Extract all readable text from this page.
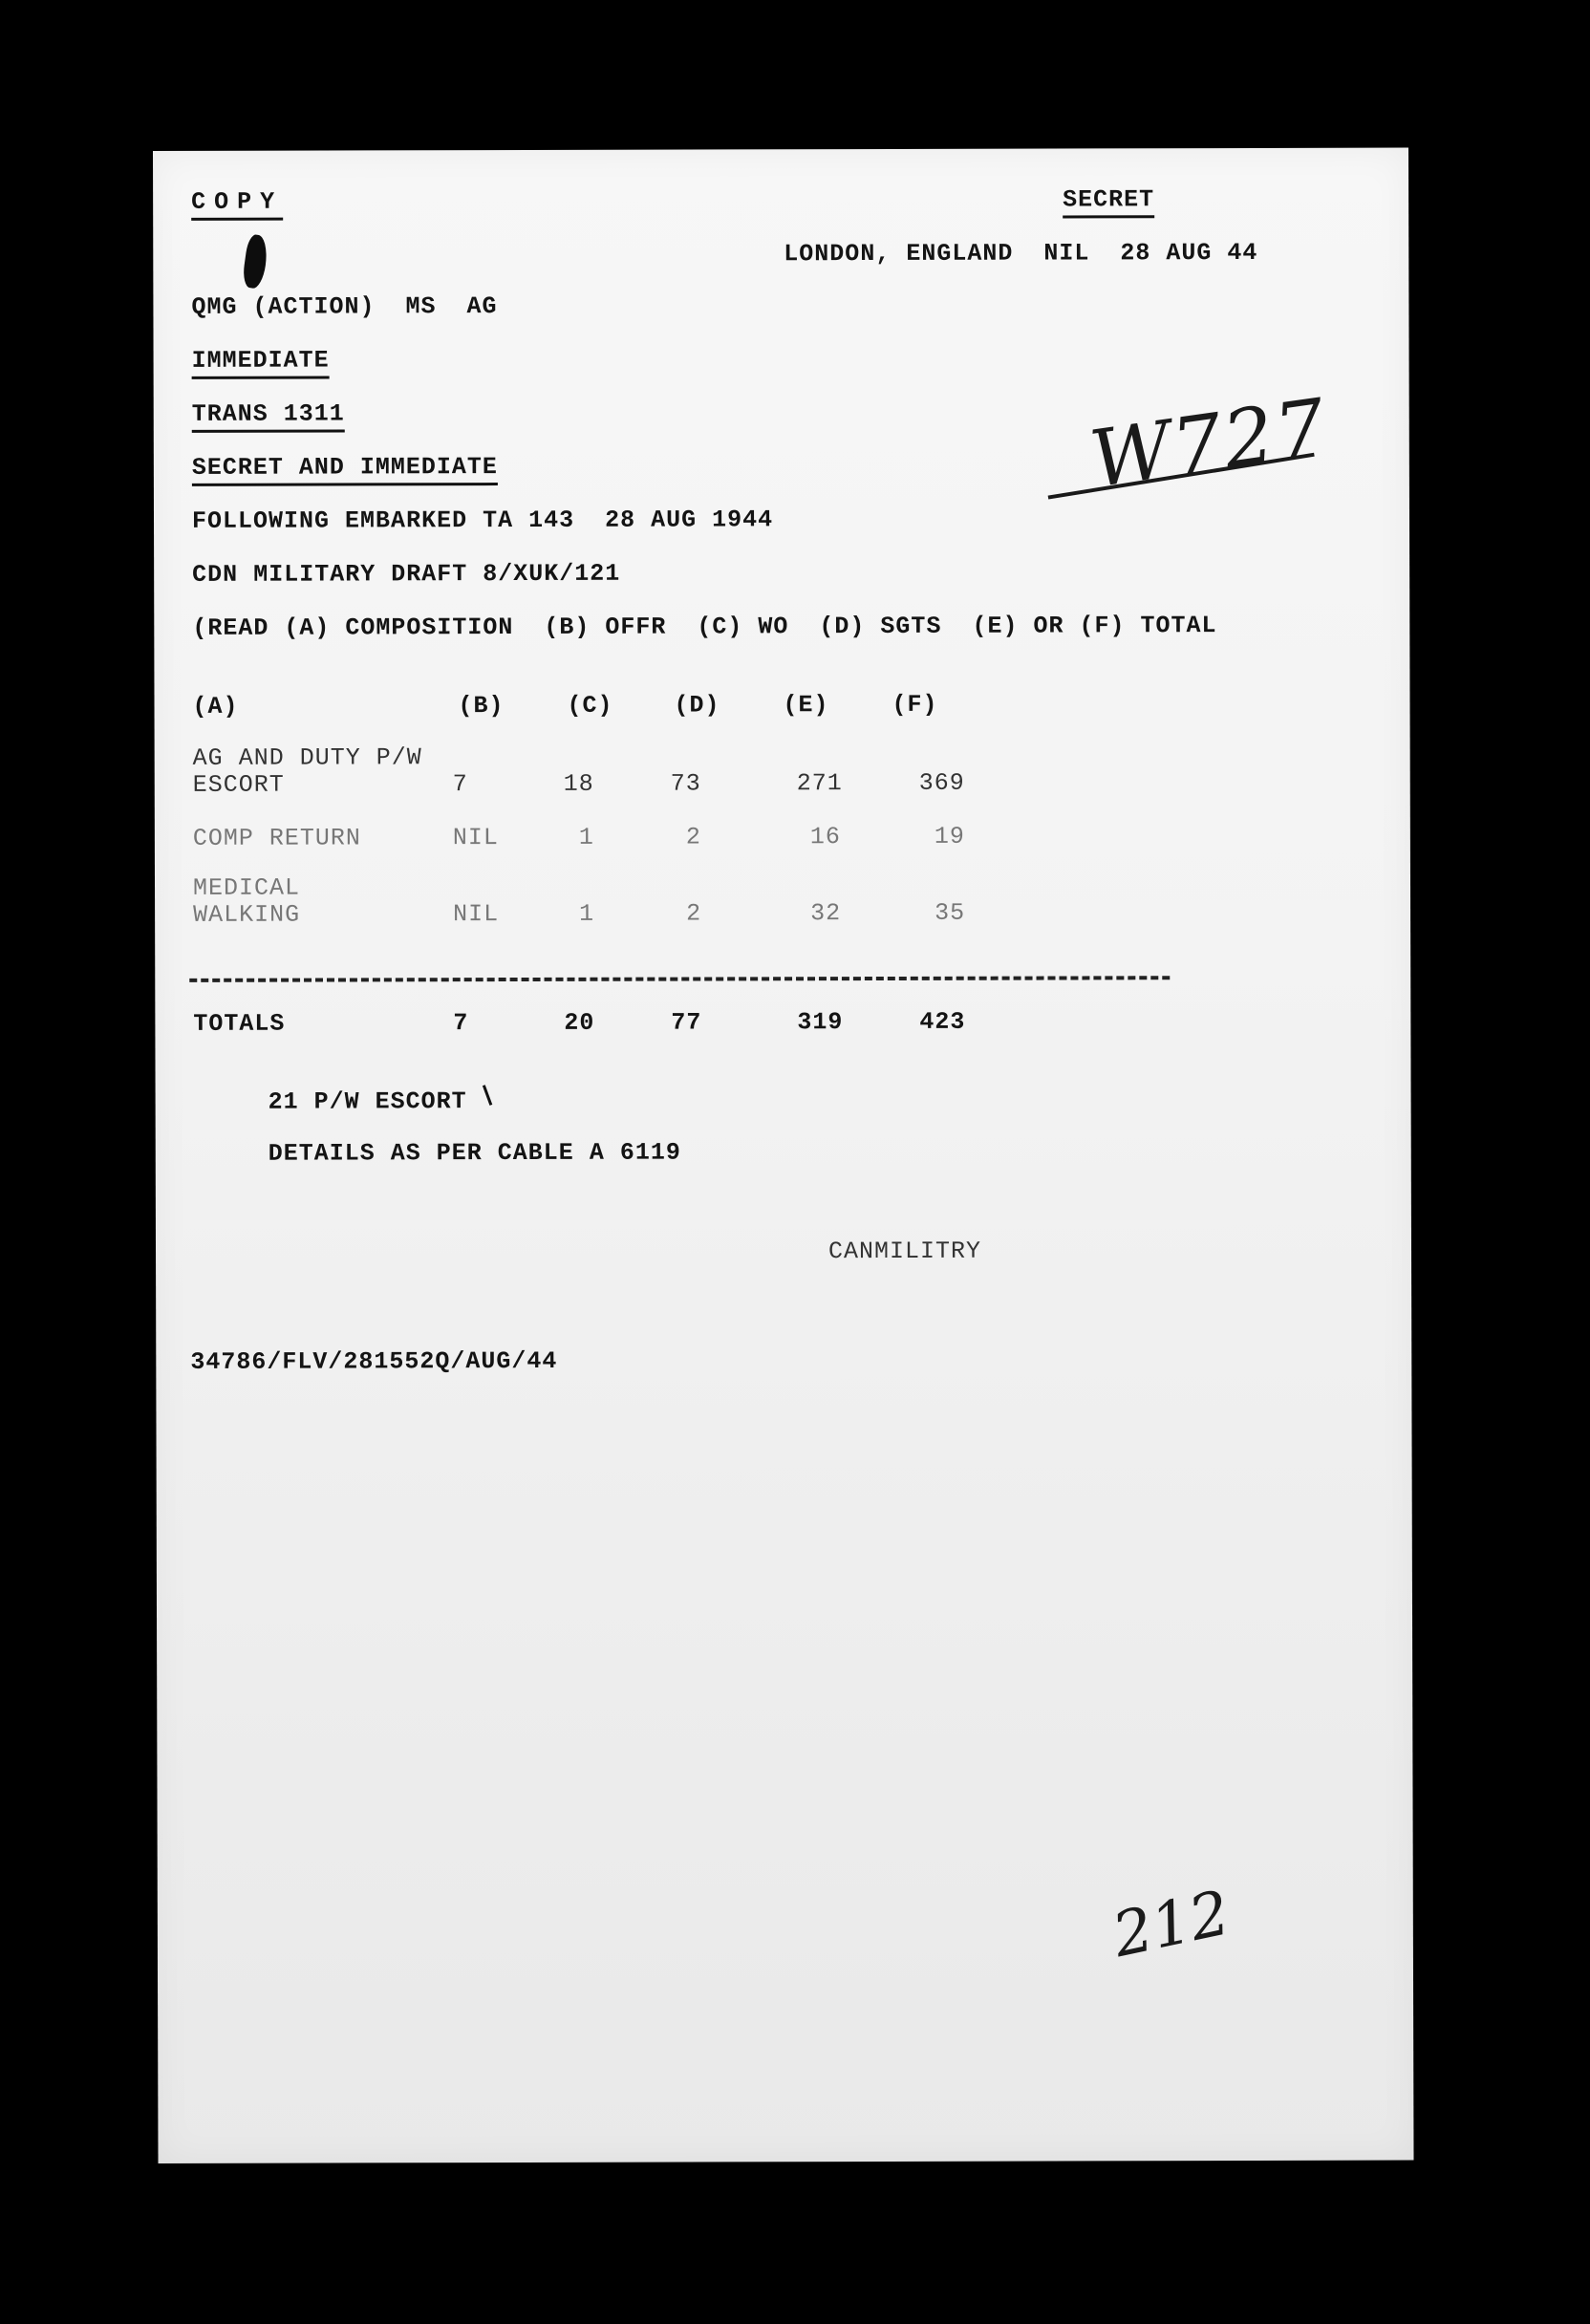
COPY	SECRET
LONDON, ENGLAND  NIL  28 AUG 44
QMG (ACTION)  MS  AG
IMMEDIATE
TRANS 1311
SECRET AND IMMEDIATE
FOLLOWING EMBARKED TA 143  28 AUG 1944
CDN MILITARY DRAFT 8/XUK/121
(READ (A) COMPOSITION  (B) OFFR  (C) WO  (D) SGTS  (E) OR (F) TOTAL
(A)	(B)	(C)	(D)	(E)	(F)
AG AND DUTY P/W
ESCORT	7	18	73	271	369
COMP RETURN	NIL	1	2	16	19
MEDICAL
WALKING	NIL	1	2	32	35
TOTALS	7	20	77	319	423
21 P/W ESCORT
DETAILS AS PER CABLE A 6119
CANMILITRY
34786/FLV/281552Q/AUG/44
W727
212
